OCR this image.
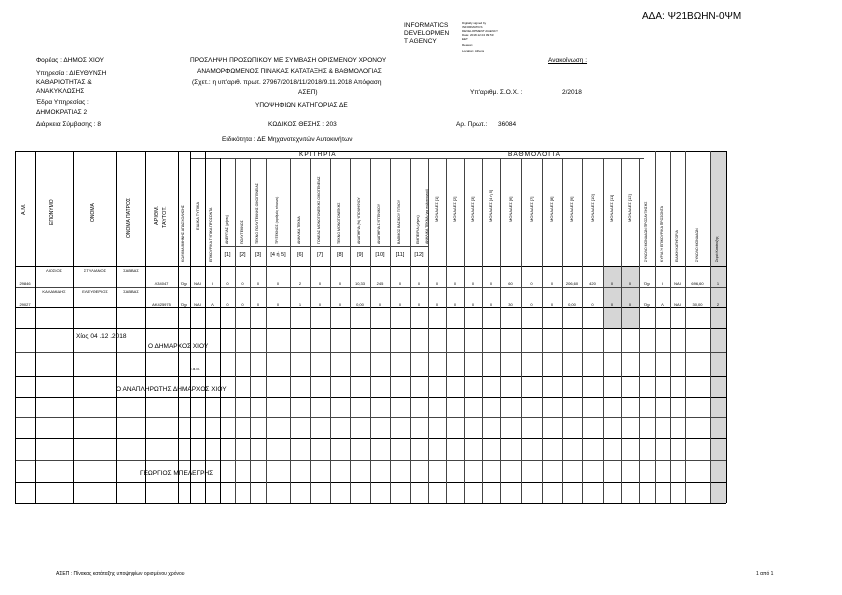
ΑΔΑ: Ψ21ΒΩΗΝ-0ΨΜ
INFORMATICS
DEVELOPMEN
T AGENCY
Digitally signed by
INFORMATICS
DEVELOPMENT AGENCY
Date: 2018.12.04 09:53:
EET
Reason:
Location: Athens
Φορέας : ΔΗΜΟΣ ΧΙΟΥ
Υπηρεσία : ΔΙΕΥΘΥΝΣΗ
ΚΑΘΑΡΙΟΤΗΤΑΣ &
ΑΝΑΚΥΚΛΩΣΗΣ
Έδρα Υπηρεσίας :
ΔΗΜΟΚΡΑΤΙΑΣ 2
Διάρκεια Σύμβασης : 8
ΠΡΟΣΛΗΨΗ ΠΡΟΣΩΠΙΚΟΥ ΜΕ ΣΥΜΒΑΣΗ ΟΡΙΣΜΕΝΟΥ ΧΡΟΝΟΥ
ΑΝΑΜΟΡΦΩΜΕΝΟΣ ΠΙΝΑΚΑΣ ΚΑΤΑΤΑΞΗΣ & ΒΑΘΜΟΛΟΓΙΑΣ
(Σχετ.: η υπ'αριθ. πρωτ. 27967/2018/11/2018/9.11.2018 Απόφαση
ΑΣΕΠ)
ΥΠΟΨΗΦΙΩΝ ΚΑΤΗΓΟΡΙΑΣ ΔΕ
ΚΩΔΙΚΟΣ ΘΕΣΗΣ : 203
Ειδικότητα : ΔΕ Μηχανοτεχνιτών Αυτοκινήτων
Ανακοίνωση :
Υπ'αριθμ. Σ.Ο.Χ. :	2/2018
Αρ. Πρωτ.: 36084
ΚΡΙΤΗΡΙΑ	ΒΑΘΜΟΛΟΓΙΑ
Α.Μ.	ΕΠΩΝΥΜΟ	ΟΝΟΜΑ	ΟΝΟΜΑ ΠΑΤΡΟΣ	ΑΡΙΘΜ. ΤΑΥΤΟΤ.	ΚΩΛΥΜΑ 8ΜΗΝΗΣ ΑΠΑΣΧΟΛΗΣΗΣ	ΕΙΔΙΚΑ ΤΥΠΙΚΑ	ΕΠΙΚΟΥΡΙΚΑ ΤΥΠΙΚΑ ΠΡΟΣΟΝΤΑ	ΑΝΕΡΓΙΑΣ (μήνες)	ΠΟΛΥΤΕΚΝΟΣ	ΤΕΚΝΟ ΠΟΛΥΤΕΚΝΗΣ ΟΙΚΟΓΕΝΕΙΑΣ	ΤΡΙΤΕΚΝΟΣ (αριθμός τέκνων)	ΑΝΗΛΙΚΑ ΤΕΚΝΑ	ΓΟΝΕΑΣ ΜΟΝΟΓΟΝΕΪΚΗΣ ΟΙΚΟΓΕΝΕΙΑΣ	ΤΕΚΝΟ ΜΟΝΟΓΟΝΕΪΚΗΣ	ΑΝΑΠΗΡΙΑ (%) ΥΠΟΨΗΦΙΟΥ	ΑΝΑΠΗΡΙΑ ΣΥΓΓΕΝΙΚΟΥ	ΒΑΘΜΟΣ ΒΑΣΙΚΟΥ ΤΙΤΛΟΥ	ΕΜΠΕΙΡΙΑ (μήνες) ΑΝΗΛΙΚΑ ΤΕΚΝΑ (για πολυτεκνικό)
[1]	[2]	[3]	[4 ή 5]	[6]	[7]	[8]	[9]	[10]	[11]	[12]
ΜΟΝΑΔΕΣ [1]	ΜΟΝΑΔΕΣ [2]	ΜΟΝΑΔΕΣ [3]	ΜΟΝΑΔΕΣ [4 ή 5]	ΜΟΝΑΔΕΣ [6]	ΜΟΝΑΔΕΣ [7]	ΜΟΝΑΔΕΣ [8]	ΜΟΝΑΔΕΣ [9]	ΜΟΝΑΔΕΣ [10]	ΜΟΝΑΔΕΣ [11]	ΜΟΝΑΔΕΣ [12]	ΣΥΝΟΛΟ ΜΟΝΑΔΩΝ ΠΡΟΣΑΥΞΗΣΗΣ	ΚΥΡΙΑ Ή ΕΠΙΚΟΥΡΙΚΑ ΠΡΟΣΟΝΤΑ	ΕΙΔΙΚΗ ΚΑΤΗΓΟΡΙΑ	ΣΥΝΟΛΟ ΜΟΝΑΔΩΝ	Σειρά Κατάταξης
ΛΙΟΣΙΟΣ	ΣΤΥΛΙΑΝΟΣ	ΣΑΒΒΑΣ
29846	Λ34047	Όχι	ΝΑΙ	Ι	0	0	0	0	2	0	0	10,33	245	0	0	0	0	0	0	60	0	0	206,60	420	0	0	Όχι	Ι	ΝΑΙ	696,60	1
ΚΑΛΑΜΙΔΗΣ	ΕΛΕΥΘΕΡΙΟΣ	ΣΑΒΒΑΣ
29027	ΑΚ425975	Όχι	ΝΑΙ	Λ	0	0	0	0	1	0	0	0,00	0	0	0	0	0	0	0	30	0	0	0,00	0	0	0	Όχι	Λ	ΝΑΙ	30,00	2
Χίος 04 .12 .2018
Ο ΔΗΜΑΡΧΟΣ ΧΙΟΥ
ε.α.α.
Ο ΑΝΑΠΛΗΡΩΤΗΣ ΔΗΜΑΡΧΟΣ ΧΙΟΥ
ΓΕΩΡΓΙΟΣ ΜΠΕΛΕΓΡΗΣ
ΑΣΕΠ : Πίνακας κατάταξης υποψηφίων ορισμένου χρόνου	1 από 1
